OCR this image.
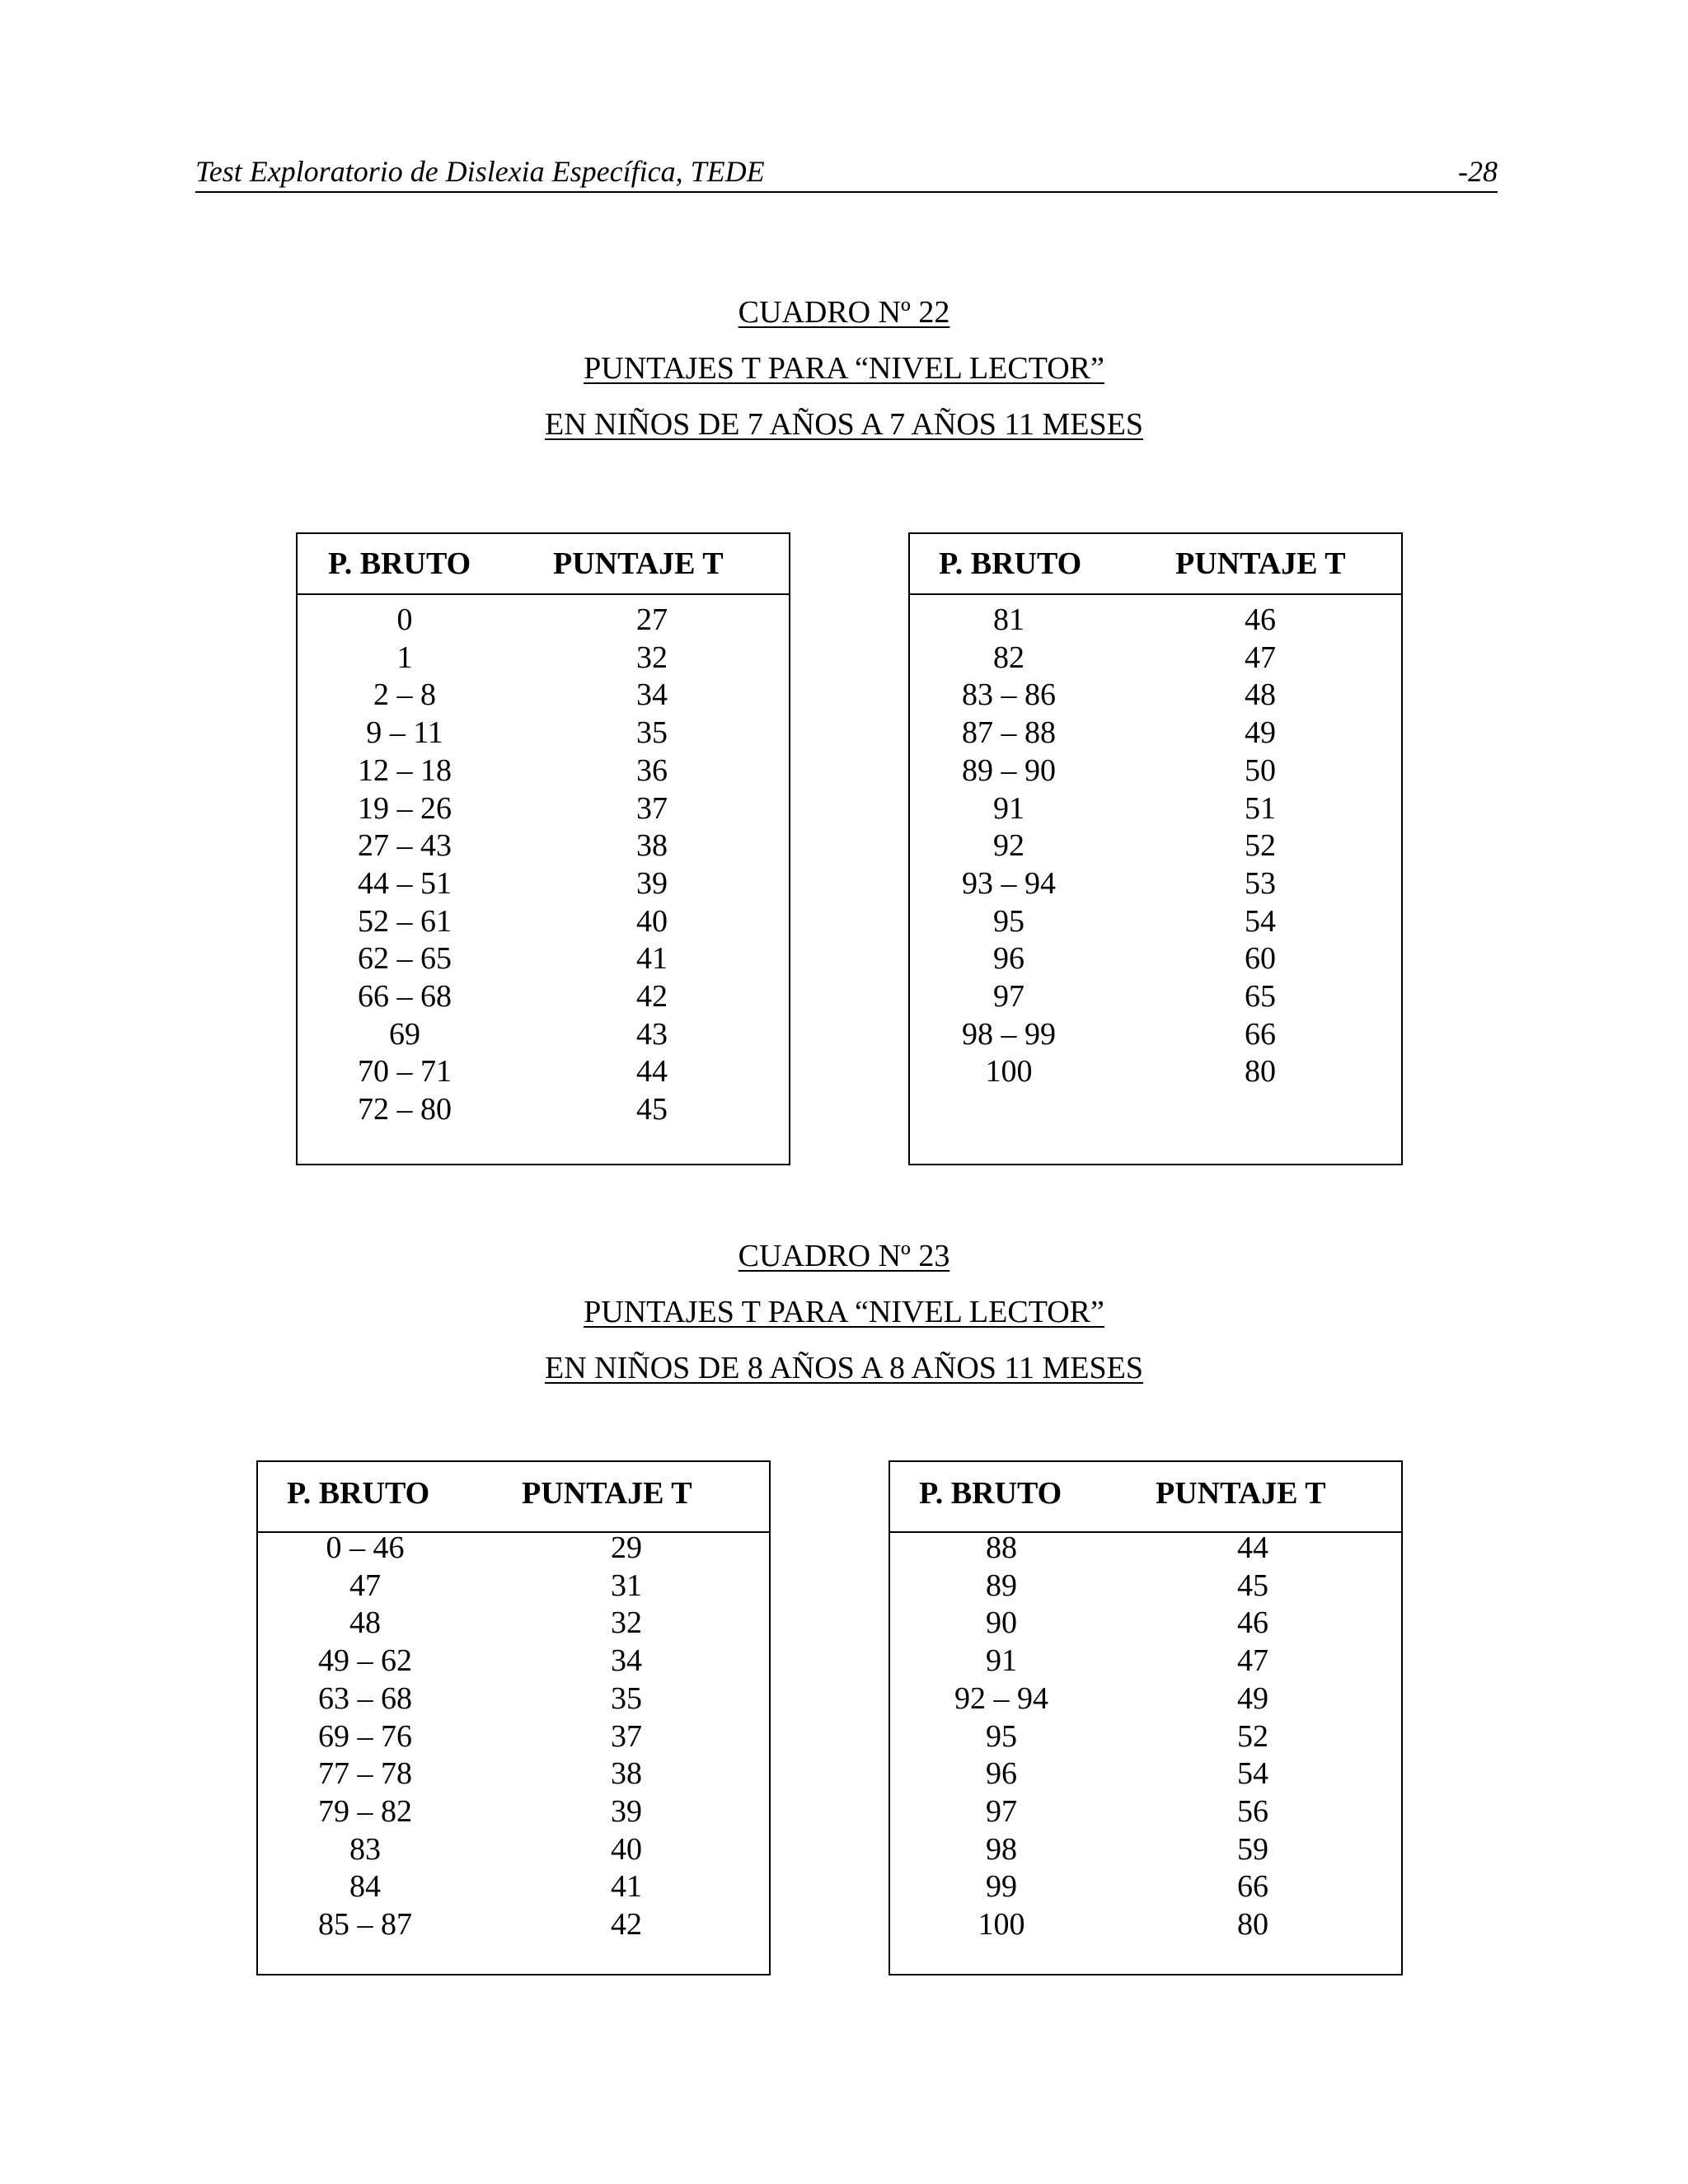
Test Exploratorio de Dislexia Específica, TEDE	-28
CUADRO Nº 22
PUNTAJES T PARA “NIVEL LECTOR”
EN NIÑOS DE 7 AÑOS A 7 AÑOS 11 MESES
P. BRUTO	PUNTAJE T
0	27
1	32
2 – 8	34
9 – 11	35
12 – 18	36
19 – 26	37
27 – 43	38
44 – 51	39
52 – 61	40
62 – 65	41
66 – 68	42
69	43
70 – 71	44
72 – 80	45
P. BRUTO	PUNTAJE T
81	46
82	47
83 – 86	48
87 – 88	49
89 – 90	50
91	51
92	52
93 – 94	53
95	54
96	60
97	65
98 – 99	66
100	80
CUADRO Nº 23
PUNTAJES T PARA “NIVEL LECTOR”
EN NIÑOS DE 8 AÑOS A 8 AÑOS 11 MESES
P. BRUTO	PUNTAJE T
0 – 46	29
47	31
48	32
49 – 62	34
63 – 68	35
69 – 76	37
77 – 78	38
79 – 82	39
83	40
84	41
85 – 87	42
P. BRUTO	PUNTAJE T
88	44
89	45
90	46
91	47
92 – 94	49
95	52
96	54
97	56
98	59
99	66
100	80
